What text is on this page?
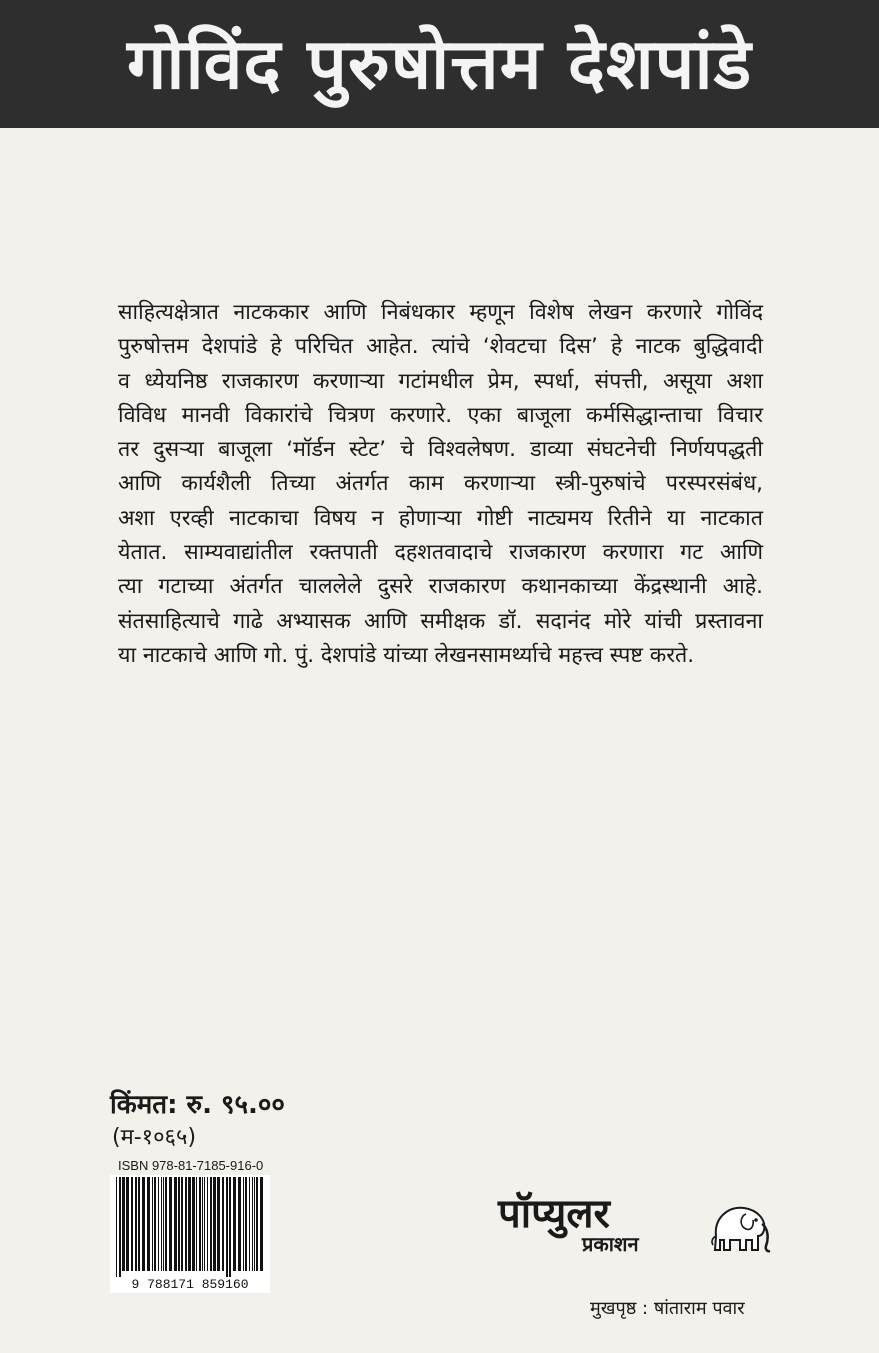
गोविंद पुरुषोत्तम देशपांडे
साहित्यक्षेत्रात नाटककार आणि निबंधकार म्हणून विशेष लेखन करणारे गोविंद
पुरुषोत्तम देशपांडे हे परिचित आहेत. त्यांचे ‘शेवटचा दिस’ हे नाटक बुद्धिवादी
व ध्येयनिष्ठ राजकारण करणाऱ्या गटांमधील प्रेम, स्पर्धा, संपत्ती, असूया अशा
विविध मानवी विकारांचे चित्रण करणारे. एका बाजूला कर्मसिद्धान्ताचा विचार
तर दुसऱ्या बाजूला ‘मॉर्डन स्टेट’ चे विश्वलेषण. डाव्या संघटनेची निर्णयपद्धती
आणि कार्यशैली तिच्या अंतर्गत काम करणाऱ्या स्त्री-पुरुषांचे परस्परसंबंध,
अशा एरव्ही नाटकाचा विषय न होणाऱ्या गोष्टी नाट्यमय रितीने या नाटकात
येतात. साम्यवाद्यांतील रक्तपाती दहशतवादाचे राजकारण करणारा गट आणि
त्या गटाच्या अंतर्गत चाललेले दुसरे राजकारण कथानकाच्या केंद्रस्थानी आहे.
संतसाहित्याचे गाढे अभ्यासक आणि समीक्षक डॉ. सदानंद मोरे यांची प्रस्तावना
या नाटकाचे आणि गो. पुं. देशपांडे यांच्या लेखनसामर्थ्याचे महत्त्व स्पष्ट करते.
किंमत: रु. ९५.००
(म-१०६५)
ISBN 978-81-7185-916-0
9 788171 859160
पॉप्युलर
प्रकाशन
मुखपृष्ठ : षांताराम पवार
